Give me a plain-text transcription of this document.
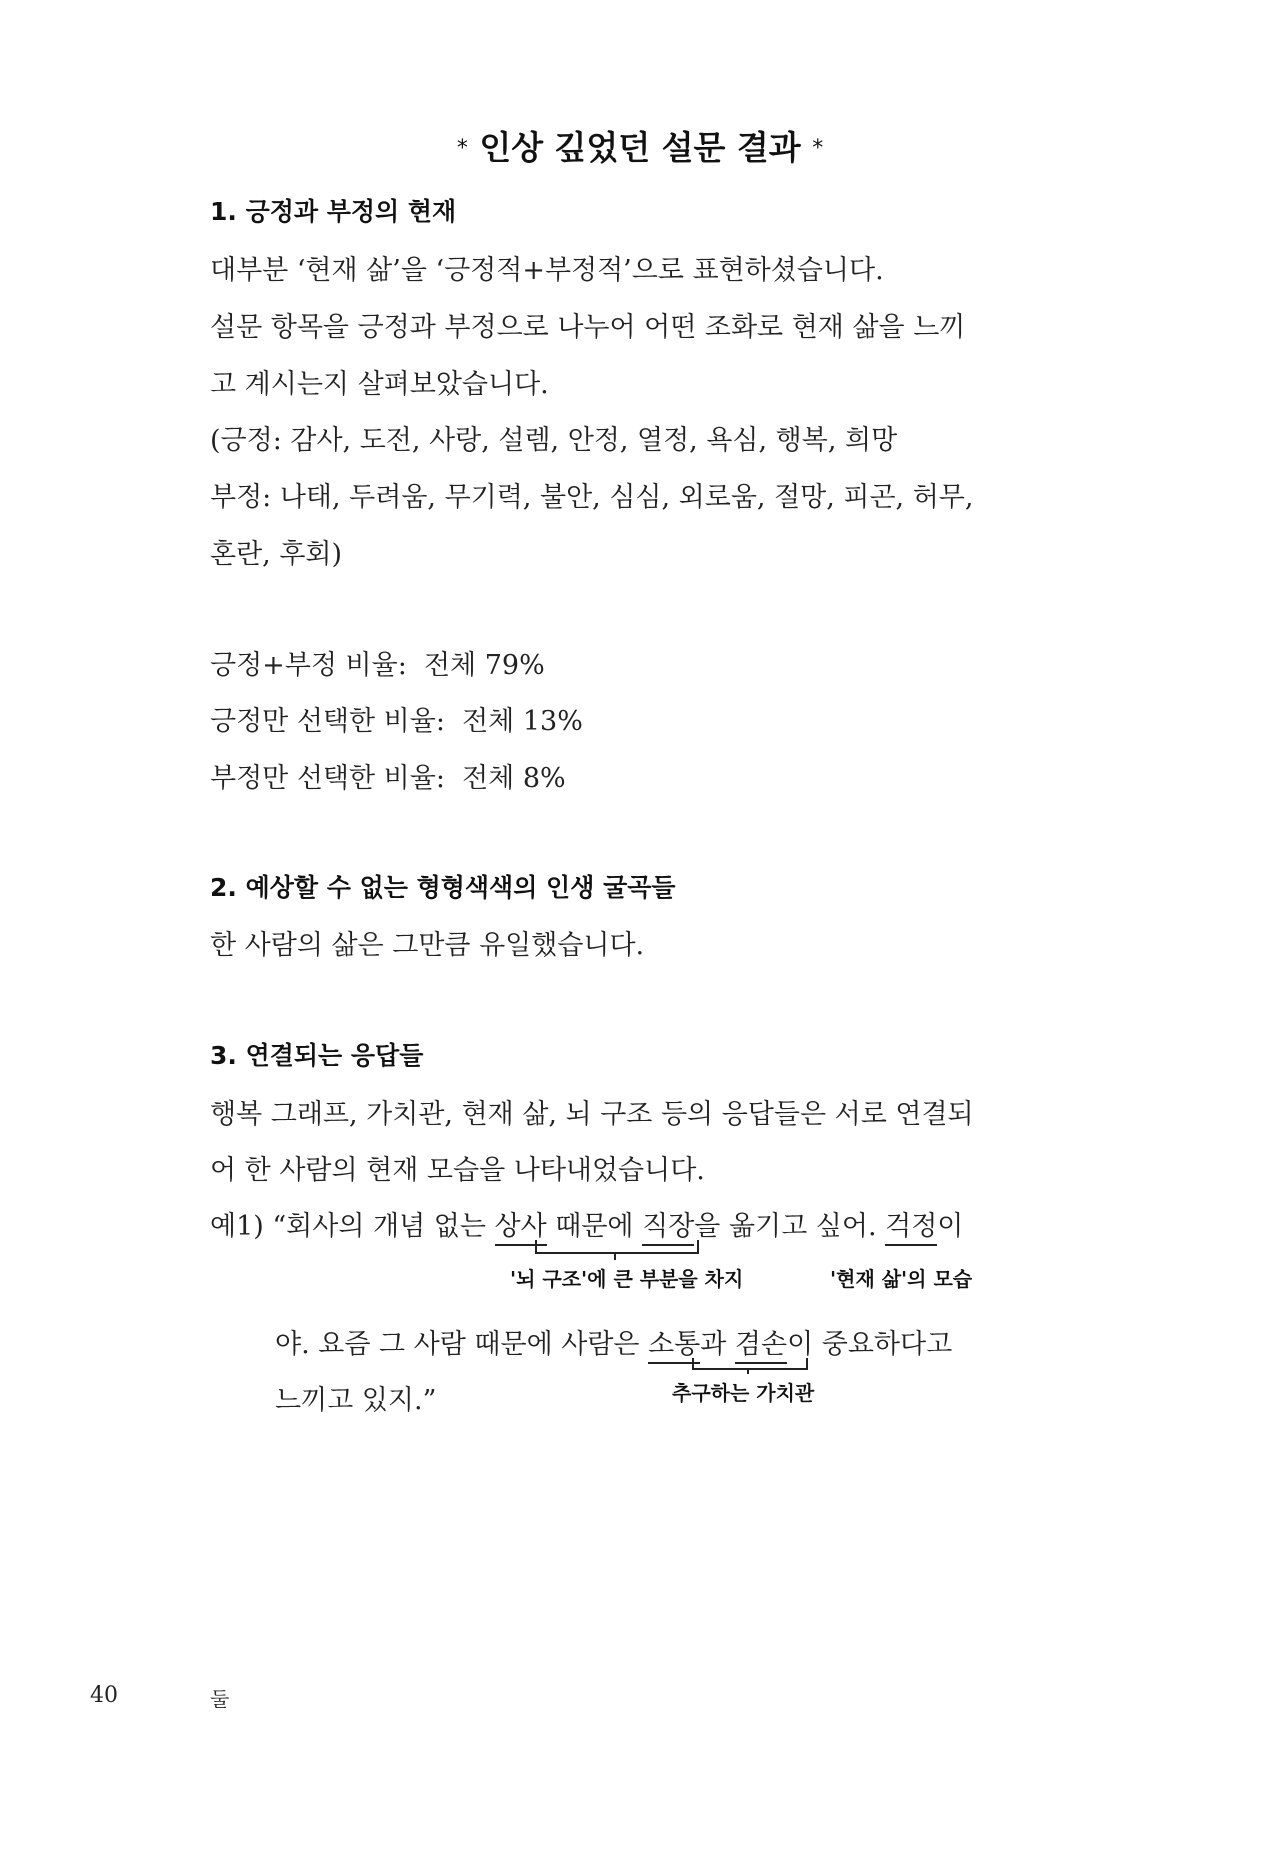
* 인상 깊었던 설문 결과 *
1. 긍정과 부정의 현재
대부분 ‘현재 삶’을 ‘긍정적+부정적’으로 표현하셨습니다.
설문 항목을 긍정과 부정으로 나누어 어떤 조화로 현재 삶을 느끼
고 계시는지 살펴보았습니다.
(긍정: 감사, 도전, 사랑, 설렘, 안정, 열정, 욕심, 행복, 희망
부정: 나태, 두려움, 무기력, 불안, 심심, 외로움, 절망, 피곤, 허무,
혼란, 후회)
긍정+부정 비율: 전체 79%
긍정만 선택한 비율: 전체 13%
부정만 선택한 비율: 전체 8%
2. 예상할 수 없는 형형색색의 인생 굴곡들
한 사람의 삶은 그만큼 유일했습니다.
3. 연결되는 응답들
행복 그래프, 가치관, 현재 삶, 뇌 구조 등의 응답들은 서로 연결되
어 한 사람의 현재 모습을 나타내었습니다.
예1) “회사의 개념 없는 상사 때문에 직장을 옮기고 싶어. 걱정이
'뇌 구조'에 큰 부분을 차지	'현재 삶'의 모습
야. 요즘 그 사람 때문에 사람은 소통과 겸손이 중요하다고
추구하는 가치관
느끼고 있지.”
40	둘
